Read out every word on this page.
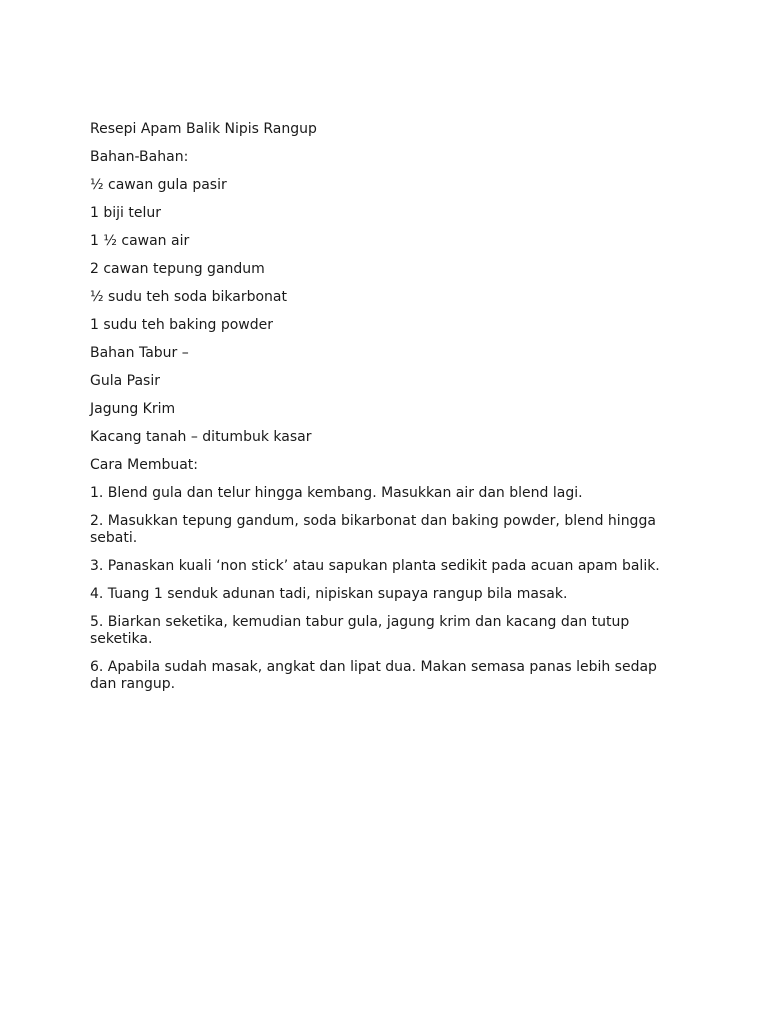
Resepi Apam Balik Nipis Rangup

Bahan-Bahan:

½ cawan gula pasir

1 biji telur

1 ½ cawan air

2 cawan tepung gandum

½ sudu teh soda bikarbonat

1 sudu teh baking powder

Bahan Tabur –

Gula Pasir

Jagung Krim

Kacang tanah – ditumbuk kasar

Cara Membuat:

1. Blend gula dan telur hingga kembang. Masukkan air dan blend lagi.

2. Masukkan tepung gandum, soda bikarbonat dan baking powder, blend hingga sebati.

3. Panaskan kuali ‘non stick’ atau sapukan planta sedikit pada acuan apam balik.

4. Tuang 1 senduk adunan tadi, nipiskan supaya rangup bila masak.

5. Biarkan seketika, kemudian tabur gula, jagung krim dan kacang dan tutup seketika.

6. Apabila sudah masak, angkat dan lipat dua. Makan semasa panas lebih sedap dan rangup.
